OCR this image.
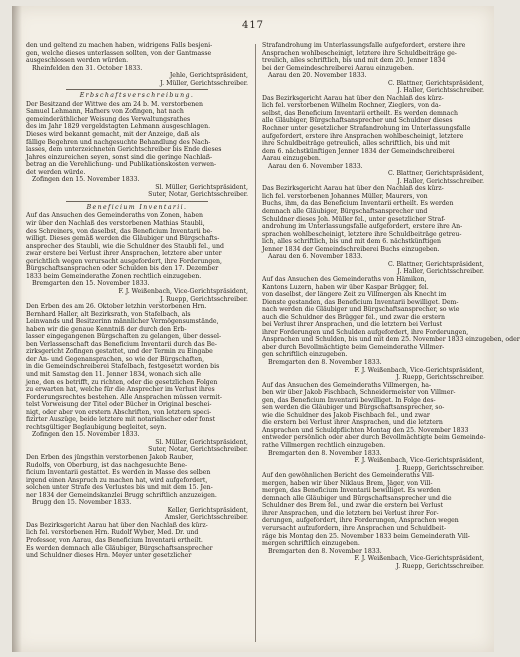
417
den und geltend zu machen haben, widrigens Falls besjeni-
gen, welche dieses unterlassen sollten, von der Gantmasse
ausgeschlossen werden würden.
Rheinfelden den 31. October 1833.
Jehle, Gerichtspräsident,
J. Müller, Gerichtsschreiber.
Erbschaftsverschreibung.
Der Besitzand der Wittwe des am 24 b. M. verstorbenen
Samuel Lehmann, Hafners von Zofingen, hat nach
gemeinderäthlicher Weisung des Verwaltungsrathes
des im Jahr 1829 vergeldstagten Lehmann ausgeschlagen.
Dieses wird bekannt gemacht, mit der Anzeige, daß als
fällige Begehren und nachgesuchte Behandlung des Nach-
lasses, dem unterzeichneten Gerichtschreiber bis Ende dieses
Jahres einzureichen seyen, sonst sind die geringe Nachlaß-
betrag an die Verehlichung- und Publikationskosten verwen-
det werden würde.
Zofingen den 15. November 1833.
Sl. Müller, Gerichtspräsident,
Suter, Notar, Gerichtsschreiber.
Beneficium Inventarii.
Auf das Ansuchen des Gemeinderaths von Zonen, haben
wir über den Nachlaß des verstorbenen Mathias Staubli,
des Schreiners, von daselbst, das Beneficium Inventarii be-
willigt. Dieses gemäß werden die Gläubiger und Bürgschafts-
ansprecher des Staubli, wie die Schuldner des Staubli fel., und
zwar erstere bei Verlust ihrer Ansprachen, letztere aber unter
gerichtlich wegen verursacht ausgefordert, ihre Forderungen,
Bürgschaftsansprachen oder Schulden bis den 17. Dezember
1833 beim Gemeinderathe Zonen rechtlich einzugeben.
Bremgarten den 15. November 1833.
F. J. Weißenbach, Vice-Gerichtspräsident,
J. Ruepp, Gerichtsschreiber.
Den Erben des am 26. Oktober letzhin verstorbenen Hrn.
Bernhard Haller, alt Bezirksrath, von Stafelbach, als
Leinwands und Besitzerinn männlicher Vermögensumstände,
haben wir die genaue Kenntniß der durch den Erb-
lasser eingegangenen Bürgschaften zu gelangen, über dessel-
ben Verlassenschaft das Beneficium Inventarii durch das Be-
zirksgericht Zofingen gestattet, und der Termin zu Eingabe
der An- und Gegenansprachen, so wie der Bürgschaften,
in die Gemeindschreiberei Stafelbach, festgesetzt worden bis
und mit Samstag den 11. Jenner 1834, wonach sich alle
jene, den es betrifft, zu richten, oder die gesetzlichen Folgen
zu erwarten hat, welche für die Ansprecher im Verlust ihres
Forderungsrechtes bestehen. Alle Ansprachen müssen vermit-
telst Vorweisung der Titel oder Bücher in Original beschei-
nigt, oder aber von erstern Abschriften, von letztern speci-
fizirter Auszüge, beide letztere mit notarialischer oder fonst
rechtsgültiger Beglaubigung begleitet, seyn.
Zofingen den 15. November 1833.
Sl. Müller, Gerichtspräsident,
Suter, Notar, Gerichtsschreiber.
Den Erben des jüngsthin verstorbenen Jakob Rauber,
Rudolfs, von Oberburg, ist das nachgesuchte Bene-
ficium Inventarii gestattet. Es werden in Masse des selben
irgend einen Anspruch zu machen hat, wird aufgefordert,
solchen unter Strafe des Verlustes bis und mit dem 15. Jen-
ner 1834 der Gemeindskanzlei Brugg schriftlich anzuzeigen.
Brugg den 15. November 1833.
Keller, Gerichtspräsident,
Amsler, Gerichtsschreiber.
Das Bezirksgericht Aarau hat über den Nachlaß des kürz-
lich fel. verstorbenen Hrn. Rudolf Wyber, Med. Dr. und
Professor, von Aarau, das Beneficium Inventarii ertheilt.
Es werden demnach alle Gläubiger, Bürgschaftsansprecher
und Schuldner dieses Hrn. Meyer unter gesetzlicher
Strafandrohung im Unterlassungsfalle aufgefordert, erstere ihre
Ansprachen wohlbescheinigt, letztere ihre Schuldbeiträge ge-
treulich, alles schriftlich, bis und mit dem 20. Jenner 1834
bei der Gemeindeschreiberei Aarau einzugeben.
Aarau den 20. November 1833.
C. Blattner, Gerichtspräsident,
J. Haller, Gerichtsschreiber.
Das Bezirksgericht Aarau hat über den Nachlaß des kürz-
lich fel. verstorbenen Wilhelm Rochner, Zieglers, von da-
selbst, das Beneficium Inventarii ertheilt. Es werden demnach
alle Gläubiger, Bürgschaftsansprecher und Schuldner dieses
Rochner unter gesetzlicher Strafandrohung im Unterlassungsfalle
aufgefordert, erstere ihre Ansprachen wohlbescheinigt, letztere
ihre Schuldbeiträge getreulich, alles schriftlich, bis und mit
dem 6. nächstkünftigen Jenner 1834 der Gemeindschreiberei
Aarau einzugeben.
Aarau den 6. November 1833.
C. Blattner, Gerichtspräsident,
J. Haller, Gerichtsschreiber.
Das Bezirksgericht Aarau hat über den Nachlaß des kürz-
lich fel. verstorbenen Johannes Müller, Maurers, von
Buchs, ihm, da das Beneficium Inventarii ertheilt. Es werden
demnach alle Gläubiger, Bürgschaftsansprecher und
Schuldner dieses Joh. Müller fel., unter gesetzlicher Straf-
androhung im Unterlassungsfalle aufgefordert, erstere ihre An-
sprachen wohlbescheinigt, letztere ihre Schuldbeiträge getreu-
lich, alles schriftlich, bis und mit dem 6. nächstkünftigen
Jenner 1834 der Gemeindschreiberei Buchs einzugeben.
Aarau den 6. November 1833.
C. Blattner, Gerichtspräsident,
J. Haller, Gerichtsschreiber.
Auf das Ansuchen des Gemeinderaths von Hämikon,
Kantons Luzern, haben wir über Kaspar Brügger, fel.
von daselbst, der längere Zeit zu Villmergen als Knecht im
Dienste gestanden, das Beneficium Inventarii bewilliget. Dem-
nach werden die Gläubiger und Bürgschaftsansprecher, so wie
auch die Schuldner des Brügger fel., und zwar die erstern
bei Verlust ihrer Ansprachen, und die letztern bei Verlust
ihrer Forderungen und Schulden aufgefordert, ihre Forderungen,
Ansprachen und Schulden, bis und mit dem 25. November 1833 einzugeben, oder
aber durch Bevollmächtigte beim Gemeinderathe Villmer-
gen schriftlich einzugeben.
Bremgarten den 8. November 1833.
F. J. Weißenbach, Vice-Gerichtspräsident,
J. Ruepp, Gerichtsschreiber.
Auf das Ansuchen des Gemeinderaths Villmergen, ha-
ben wir über Jakob Fischbach, Schneidermeister von Villmer-
gen, das Beneficium Inventarii bewilliget. In Folge des-
sen werden die Gläubiger und Bürgschaftsansprecher, so-
wie die Schuldner des Jakob Fischbach fel., und zwar
die erstern bei Verlust ihrer Ansprachen, und die letztern
Ansprachen und Schuldpflichten Montag den 25. November 1833
entweder persönlich oder aber durch Bevollmächtigte beim Gemeinde-
rathe Villmergen rechtlich einzugeben.
Bremgarten den 8. November 1833.
F. J. Weißenbach, Vice-Gerichtspräsident,
J. Ruepp, Gerichtsschreiber.
Auf den gewöhnlichen Bericht des Gemeinderaths Vill-
mergen, haben wir über Niklaus Brem, Jäger, von Vill-
mergen, das Beneficium Inventarii bewilliget. Es werden
demnach alle Gläubiger und Bürgschaftsansprecher und die
Schuldner des Brem fel., und zwar die erstern bei Verlust
ihrer Ansprachen, und die letztern bei Verlust ihrer For-
derungen, aufgefordert, ihre Forderungen, Ansprachen wegen
verursacht aufzufordern, ihre Ansprachen und Schuldbeit-
räge bis Montag den 25. November 1833 beim Gemeinderath Vill-
mergen schriftlich einzugeben.
Bremgarten den 8. November 1833.
F. J. Weißenbach, Vice-Gerichtspräsident,
J. Ruepp, Gerichtsschreiber.
